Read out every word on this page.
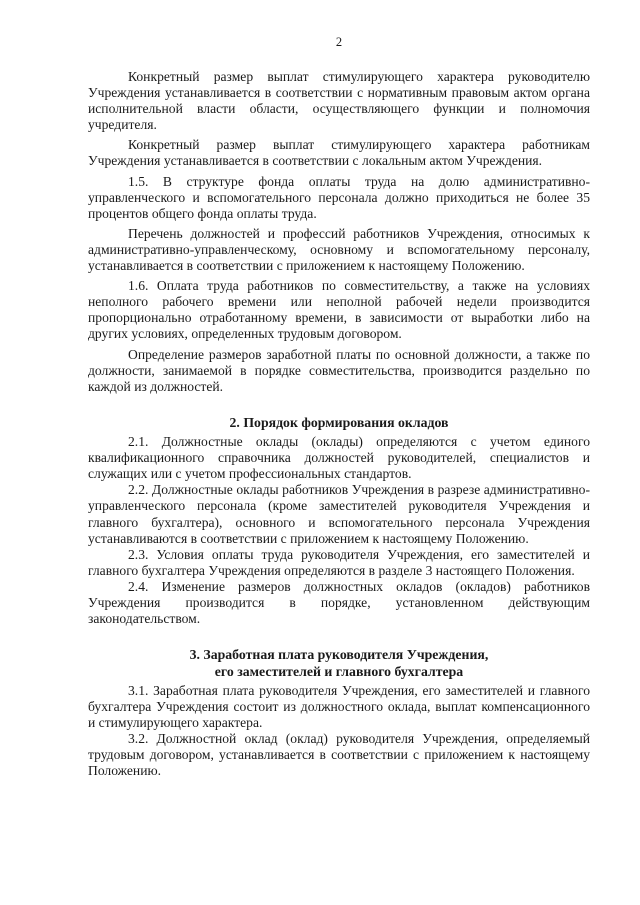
2

Конкретный размер выплат стимулирующего характера руководителю Учреждения устанавливается в соответствии с нормативным правовым актом органа исполнительной власти области, осуществляющего функции и полномочия учредителя.

Конкретный размер выплат стимулирующего характера работникам Учреждения устанавливается в соответствии с локальным актом Учреждения.

1.5. В структуре фонда оплаты труда на долю административно-управленческого и вспомогательного персонала должно приходиться не более 35 процентов общего фонда оплаты труда.

Перечень должностей и профессий работников Учреждения, относимых к административно-управленческому, основному и вспомогательному персоналу, устанавливается в соответствии с приложением к настоящему Положению.

1.6. Оплата труда работников по совместительству, а также на условиях неполного рабочего времени или неполной рабочей недели производится пропорционально отработанному времени, в зависимости от выработки либо на других условиях, определенных трудовым договором.

Определение размеров заработной платы по основной должности, а также по должности, занимаемой в порядке совместительства, производится раздельно по каждой из должностей.

2. Порядок формирования окладов

2.1. Должностные оклады (оклады) определяются с учетом единого квалификационного справочника должностей руководителей, специалистов и служащих или с учетом профессиональных стандартов.

2.2. Должностные оклады работников Учреждения в разрезе административно-управленческого персонала (кроме заместителей руководителя Учреждения и главного бухгалтера), основного и вспомогательного персонала Учреждения устанавливаются в соответствии с приложением к настоящему Положению.

2.3. Условия оплаты труда руководителя Учреждения, его заместителей и главного бухгалтера Учреждения определяются в разделе 3 настоящего Положения.

2.4. Изменение размеров должностных окладов (окладов) работников Учреждения производится в порядке, установленном действующим законодательством.

3. Заработная плата руководителя Учреждения,
его заместителей и главного бухгалтера

3.1. Заработная плата руководителя Учреждения, его заместителей и главного бухгалтера Учреждения состоит из должностного оклада, выплат компенсационного и стимулирующего характера.

3.2. Должностной оклад (оклад) руководителя Учреждения, определяемый трудовым договором, устанавливается в соответствии с приложением к настоящему Положению.
